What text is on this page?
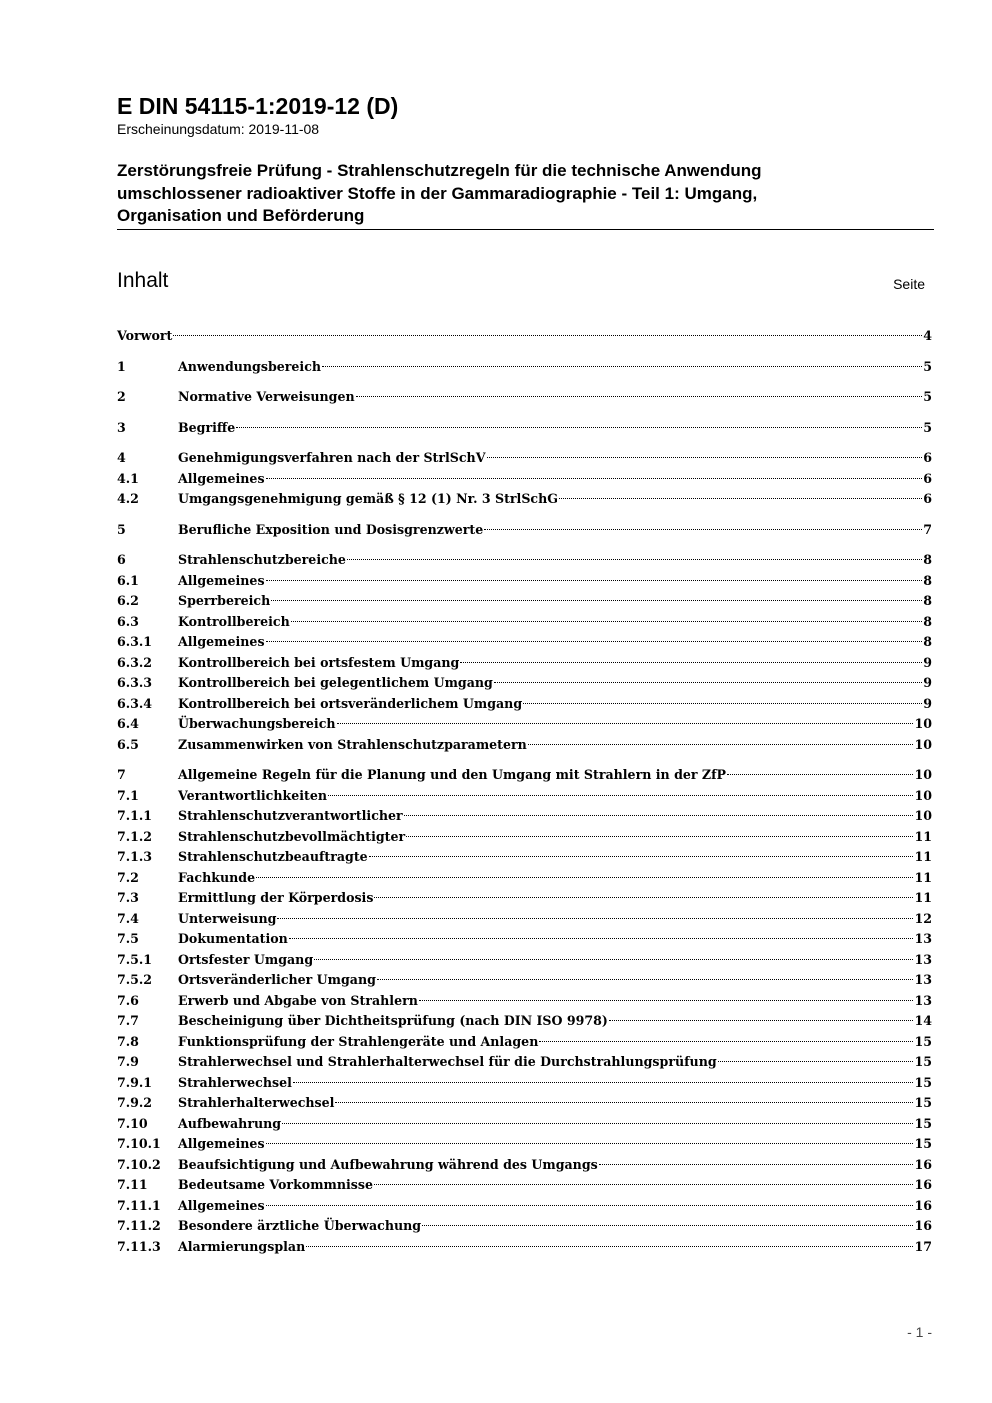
E DIN 54115-1:2019-12 (D)
Erscheinungsdatum: 2019-11-08
Zerstörungsfreie Prüfung - Strahlenschutzregeln für die technische Anwendung
umschlossener radioaktiver Stoffe in der Gammaradiographie - Teil 1: Umgang,
Organisation und Beförderung
Inhalt	Seite
Vorwort	4
1	Anwendungsbereich	5
2	Normative Verweisungen	5
3	Begriffe	5
4	Genehmigungsverfahren nach der StrlSchV	6
4.1	Allgemeines	6
4.2	Umgangsgenehmigung gemäß § 12 (1) Nr. 3 StrlSchG	6
5	Berufliche Exposition und Dosisgrenzwerte	7
6	Strahlenschutzbereiche	8
6.1	Allgemeines	8
6.2	Sperrbereich	8
6.3	Kontrollbereich	8
6.3.1	Allgemeines	8
6.3.2	Kontrollbereich bei ortsfestem Umgang	9
6.3.3	Kontrollbereich bei gelegentlichem Umgang	9
6.3.4	Kontrollbereich bei ortsveränderlichem Umgang	9
6.4	Überwachungsbereich	10
6.5	Zusammenwirken von Strahlenschutzparametern	10
7	Allgemeine Regeln für die Planung und den Umgang mit Strahlern in der ZfP	10
7.1	Verantwortlichkeiten	10
7.1.1	Strahlenschutzverantwortlicher	10
7.1.2	Strahlenschutzbevollmächtigter	11
7.1.3	Strahlenschutzbeauftragte	11
7.2	Fachkunde	11
7.3	Ermittlung der Körperdosis	11
7.4	Unterweisung	12
7.5	Dokumentation	13
7.5.1	Ortsfester Umgang	13
7.5.2	Ortsveränderlicher Umgang	13
7.6	Erwerb und Abgabe von Strahlern	13
7.7	Bescheinigung über Dichtheitsprüfung (nach DIN ISO 9978)	14
7.8	Funktionsprüfung der Strahlengeräte und Anlagen	15
7.9	Strahlerwechsel und Strahlerhalterwechsel für die Durchstrahlungsprüfung	15
7.9.1	Strahlerwechsel	15
7.9.2	Strahlerhalterwechsel	15
7.10	Aufbewahrung	15
7.10.1	Allgemeines	15
7.10.2	Beaufsichtigung und Aufbewahrung während des Umgangs	16
7.11	Bedeutsame Vorkommnisse	16
7.11.1	Allgemeines	16
7.11.2	Besondere ärztliche Überwachung	16
7.11.3	Alarmierungsplan	17
- 1 -
